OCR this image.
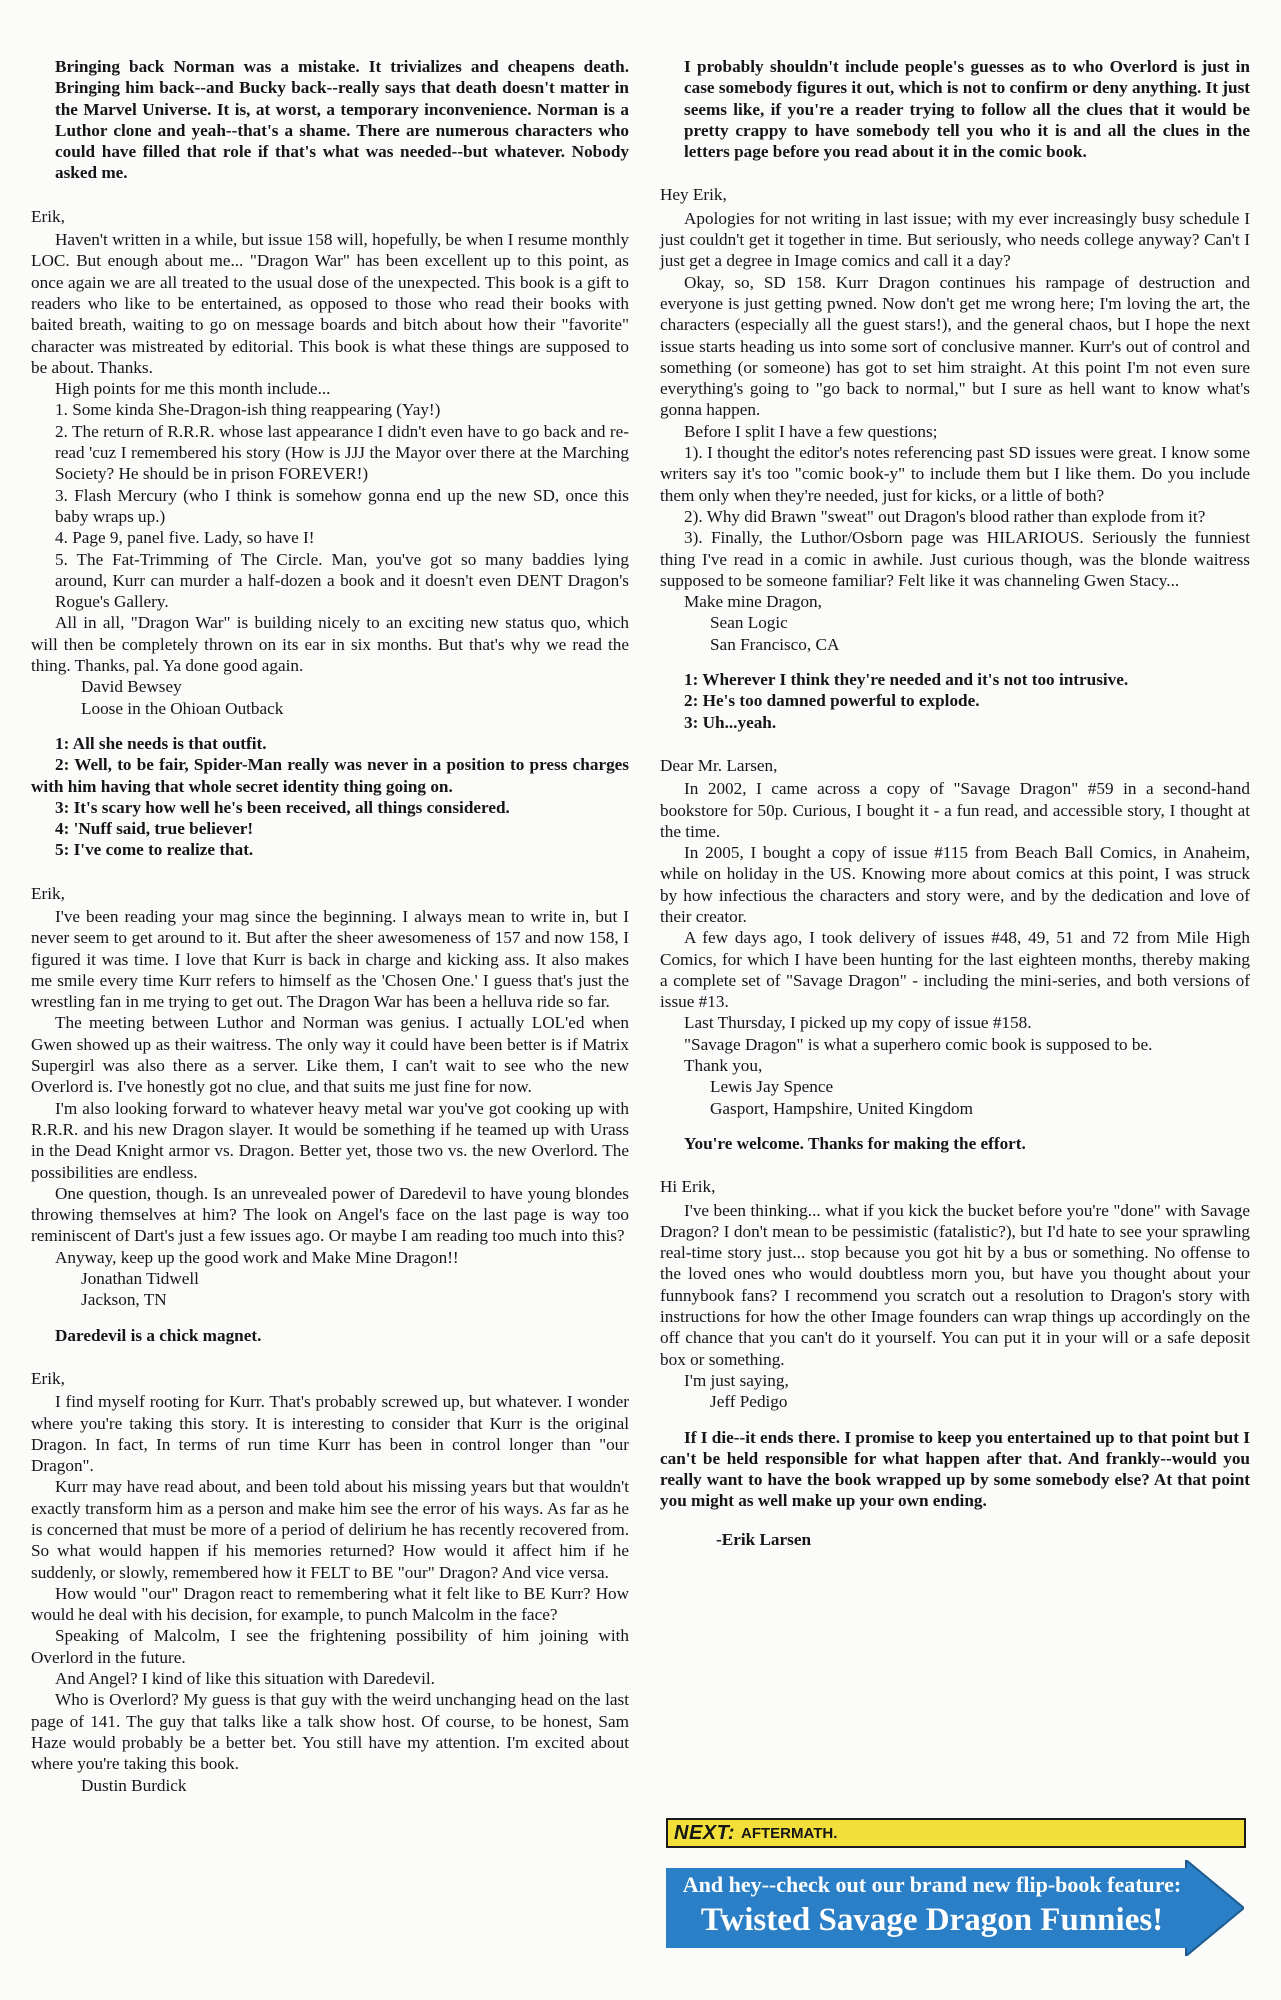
Bringing back Norman was a mistake. It trivializes and cheapens death. Bringing him back--and Bucky back--really says that death doesn't matter in the Marvel Universe. It is, at worst, a temporary inconvenience. Norman is a Luthor clone and yeah--that's a shame. There are numerous characters who could have filled that role if that's what was needed--but whatever. Nobody asked me.

Erik,

Haven't written in a while, but issue 158 will, hopefully, be when I resume monthly LOC. But enough about me... "Dragon War" has been excellent up to this point, as once again we are all treated to the usual dose of the unexpected. This book is a gift to readers who like to be entertained, as opposed to those who read their books with baited breath, waiting to go on message boards and bitch about how their "favorite" character was mistreated by editorial. This book is what these things are supposed to be about. Thanks.

High points for me this month include...

1. Some kinda She-Dragon-ish thing reappearing (Yay!)

2. The return of R.R.R. whose last appearance I didn't even have to go back and re-read 'cuz I remembered his story (How is JJJ the Mayor over there at the Marching Society? He should be in prison FOREVER!)

3. Flash Mercury (who I think is somehow gonna end up the new SD, once this baby wraps up.)

4. Page 9, panel five. Lady, so have I!

5. The Fat-Trimming of The Circle. Man, you've got so many baddies lying around, Kurr can murder a half-dozen a book and it doesn't even DENT Dragon's Rogue's Gallery.

All in all, "Dragon War" is building nicely to an exciting new status quo, which will then be completely thrown on its ear in six months. But that's why we read the thing. Thanks, pal. Ya done good again.

David Bewsey

Loose in the Ohioan Outback

1: All she needs is that outfit.

2: Well, to be fair, Spider-Man really was never in a position to press charges with him having that whole secret identity thing going on.

3: It's scary how well he's been received, all things considered.

4: 'Nuff said, true believer!

5: I've come to realize that.

Erik,

I've been reading your mag since the beginning. I always mean to write in, but I never seem to get around to it. But after the sheer awesomeness of 157 and now 158, I figured it was time. I love that Kurr is back in charge and kicking ass. It also makes me smile every time Kurr refers to himself as the 'Chosen One.' I guess that's just the wrestling fan in me trying to get out. The Dragon War has been a helluva ride so far.

The meeting between Luthor and Norman was genius. I actually LOL'ed when Gwen showed up as their waitress. The only way it could have been better is if Matrix Supergirl was also there as a server. Like them, I can't wait to see who the new Overlord is. I've honestly got no clue, and that suits me just fine for now.

I'm also looking forward to whatever heavy metal war you've got cooking up with R.R.R. and his new Dragon slayer. It would be something if he teamed up with Urass in the Dead Knight armor vs. Dragon. Better yet, those two vs. the new Overlord. The possibilities are endless.

One question, though. Is an unrevealed power of Daredevil to have young blondes throwing themselves at him? The look on Angel's face on the last page is way too reminiscent of Dart's just a few issues ago. Or maybe I am reading too much into this?

Anyway, keep up the good work and Make Mine Dragon!!

Jonathan Tidwell

Jackson, TN

Daredevil is a chick magnet.

Erik,

I find myself rooting for Kurr. That's probably screwed up, but whatever. I wonder where you're taking this story. It is interesting to consider that Kurr is the original Dragon. In fact, In terms of run time Kurr has been in control longer than "our Dragon".

Kurr may have read about, and been told about his missing years but that wouldn't exactly transform him as a person and make him see the error of his ways. As far as he is concerned that must be more of a period of delirium he has recently recovered from. So what would happen if his memories returned? How would it affect him if he suddenly, or slowly, remembered how it FELT to BE "our" Dragon? And vice versa.

How would "our" Dragon react to remembering what it felt like to BE Kurr? How would he deal with his decision, for example, to punch Malcolm in the face?

Speaking of Malcolm, I see the frightening possibility of him joining with Overlord in the future.

And Angel? I kind of like this situation with Daredevil.

Who is Overlord? My guess is that guy with the weird unchanging head on the last page of 141. The guy that talks like a talk show host. Of course, to be honest, Sam Haze would probably be a better bet. You still have my attention. I'm excited about where you're taking this book.

Dustin Burdick

I probably shouldn't include people's guesses as to who Overlord is just in case somebody figures it out, which is not to confirm or deny anything. It just seems like, if you're a reader trying to follow all the clues that it would be pretty crappy to have somebody tell you who it is and all the clues in the letters page before you read about it in the comic book.

Hey Erik,

Apologies for not writing in last issue; with my ever increasingly busy schedule I just couldn't get it together in time. But seriously, who needs college anyway? Can't I just get a degree in Image comics and call it a day?

Okay, so, SD 158. Kurr Dragon continues his rampage of destruction and everyone is just getting pwned. Now don't get me wrong here; I'm loving the art, the characters (especially all the guest stars!), and the general chaos, but I hope the next issue starts heading us into some sort of conclusive manner. Kurr's out of control and something (or someone) has got to set him straight. At this point I'm not even sure everything's going to "go back to normal," but I sure as hell want to know what's gonna happen.

Before I split I have a few questions;

1). I thought the editor's notes referencing past SD issues were great. I know some writers say it's too "comic book-y" to include them but I like them. Do you include them only when they're needed, just for kicks, or a little of both?

2). Why did Brawn "sweat" out Dragon's blood rather than explode from it?

3). Finally, the Luthor/Osborn page was HILARIOUS. Seriously the funniest thing I've read in a comic in awhile. Just curious though, was the blonde waitress supposed to be someone familiar? Felt like it was channeling Gwen Stacy...

Make mine Dragon,

Sean Logic

San Francisco, CA

1: Wherever I think they're needed and it's not too intrusive.

2: He's too damned powerful to explode.

3: Uh...yeah.

Dear Mr. Larsen,

In 2002, I came across a copy of "Savage Dragon" #59 in a second-hand bookstore for 50p. Curious, I bought it - a fun read, and accessible story, I thought at the time.

In 2005, I bought a copy of issue #115 from Beach Ball Comics, in Anaheim, while on holiday in the US. Knowing more about comics at this point, I was struck by how infectious the characters and story were, and by the dedication and love of their creator.

A few days ago, I took delivery of issues #48, 49, 51 and 72 from Mile High Comics, for which I have been hunting for the last eighteen months, thereby making a complete set of "Savage Dragon" - including the mini-series, and both versions of issue #13.

Last Thursday, I picked up my copy of issue #158.

"Savage Dragon" is what a superhero comic book is supposed to be.

Thank you,

Lewis Jay Spence

Gasport, Hampshire, United Kingdom

You're welcome. Thanks for making the effort.

Hi Erik,

I've been thinking... what if you kick the bucket before you're "done" with Savage Dragon? I don't mean to be pessimistic (fatalistic?), but I'd hate to see your sprawling real-time story just... stop because you got hit by a bus or something. No offense to the loved ones who would doubtless morn you, but have you thought about your funnybook fans? I recommend you scratch out a resolution to Dragon's story with instructions for how the other Image founders can wrap things up accordingly on the off chance that you can't do it yourself. You can put it in your will or a safe deposit box or something.

I'm just saying,

Jeff Pedigo

If I die--it ends there. I promise to keep you entertained up to that point but I can't be held responsible for what happen after that. And frankly--would you really want to have the book wrapped up by some somebody else? At that point you might as well make up your own ending.

-Erik Larsen

NEXT: AFTERMATH.
And hey--check out our brand new flip-book feature:
Twisted Savage Dragon Funnies!
